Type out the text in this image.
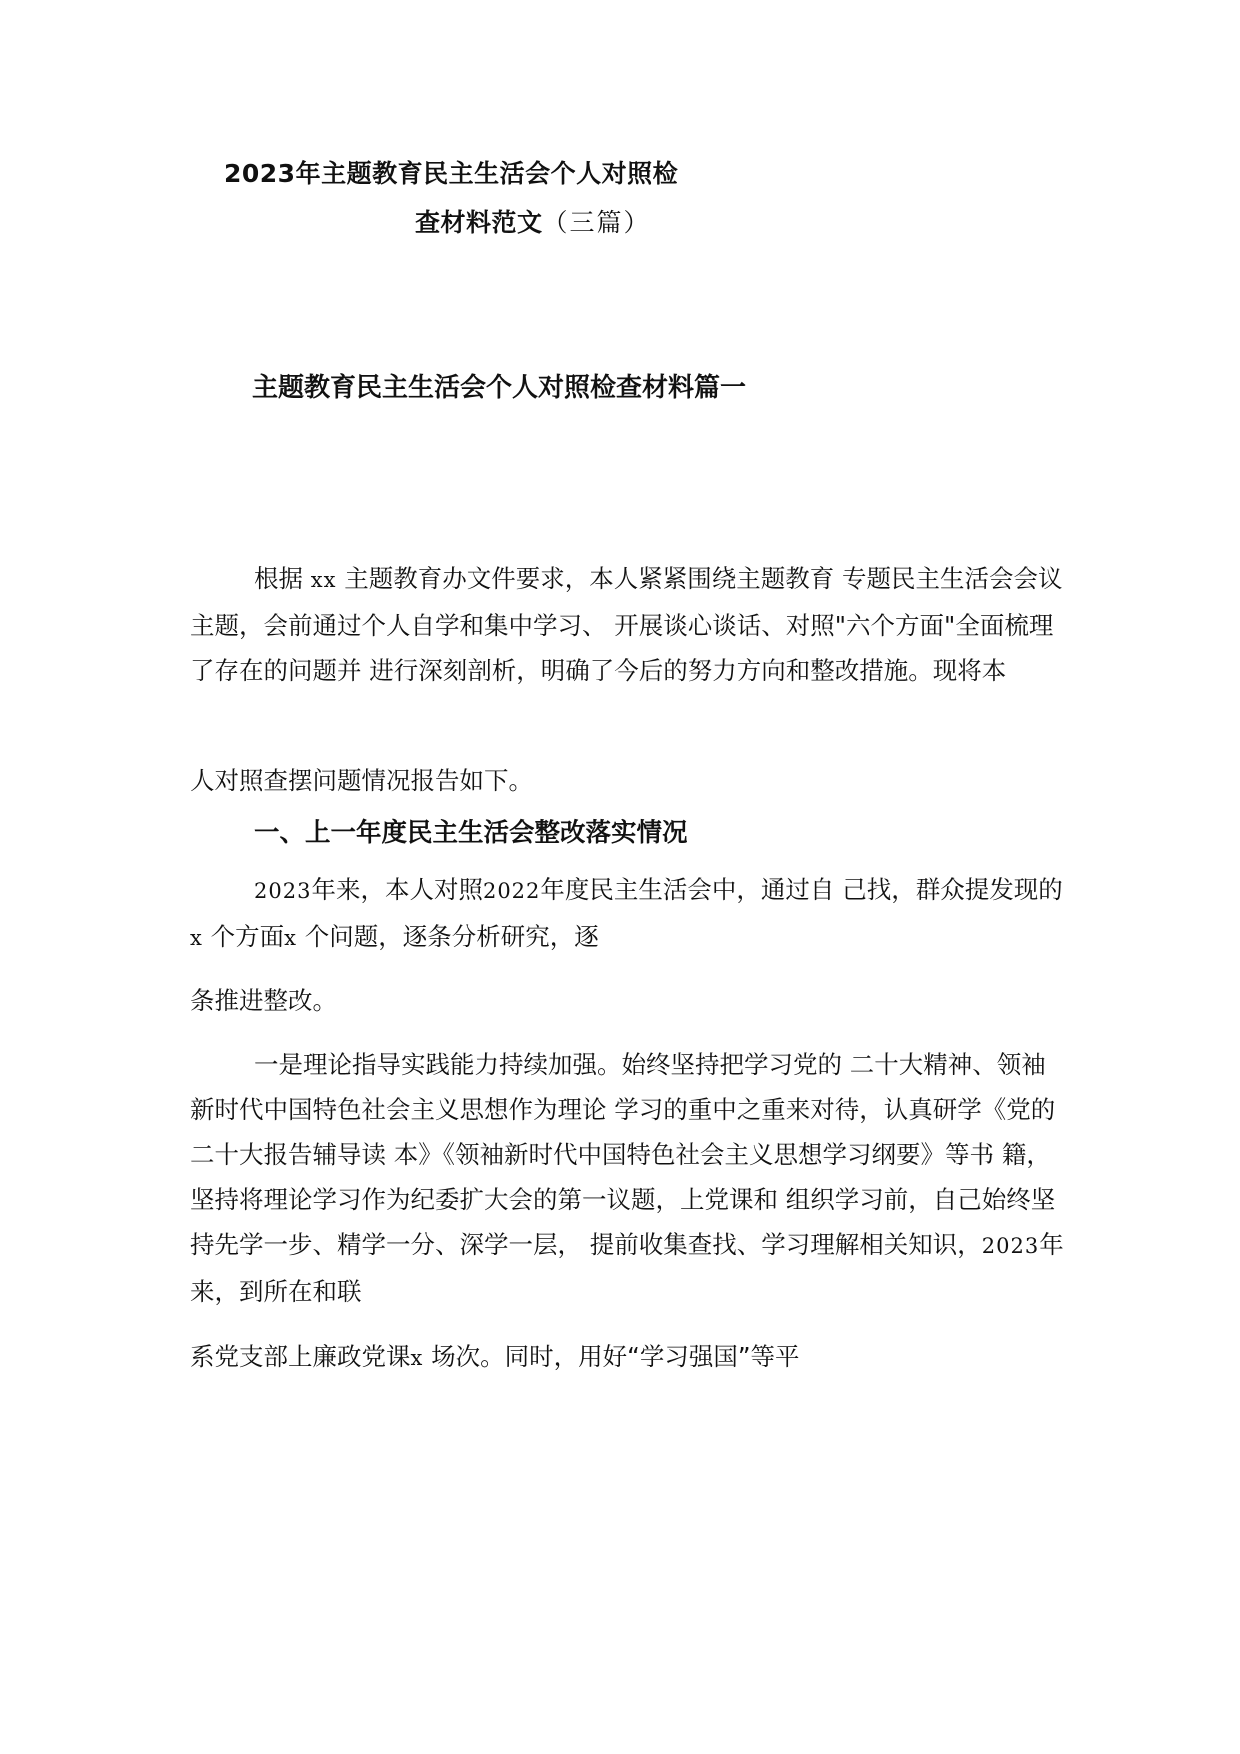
2023年主题教育民主生活会个人对照检
查材料范文（三篇）
主题教育民主生活会个人对照检查材料篇一

根据 xx 主题教育办文件要求，本人紧紧围绕主题教育 专题民主生活会会议主题，会前通过个人自学和集中学习、 开展谈心谈话、对照"六个方面"全面梳理了存在的问题并 进行深刻剖析，明确了今后的努力方向和整改措施。现将本

人对照查摆问题情况报告如下。

一、上一年度民主生活会整改落实情况

2023年来，本人对照2022年度民主生活会中，通过自 己找，群众提发现的x 个方面x 个问题，逐条分析研究，逐

条推进整改。

一是理论指导实践能力持续加强。始终坚持把学习党的 二十大精神、领袖新时代中国特色社会主义思想作为理论 学习的重中之重来对待，认真研学《党的二十大报告辅导读 本》《领袖新时代中国特色社会主义思想学习纲要》等书 籍，坚持将理论学习作为纪委扩大会的第一议题，上党课和 组织学习前，自己始终坚持先学一步、精学一分、深学一层， 提前收集查找、学习理解相关知识，2023年来，到所在和联

系党支部上廉政党课x 场次。同时，用好“学习强国”等平
